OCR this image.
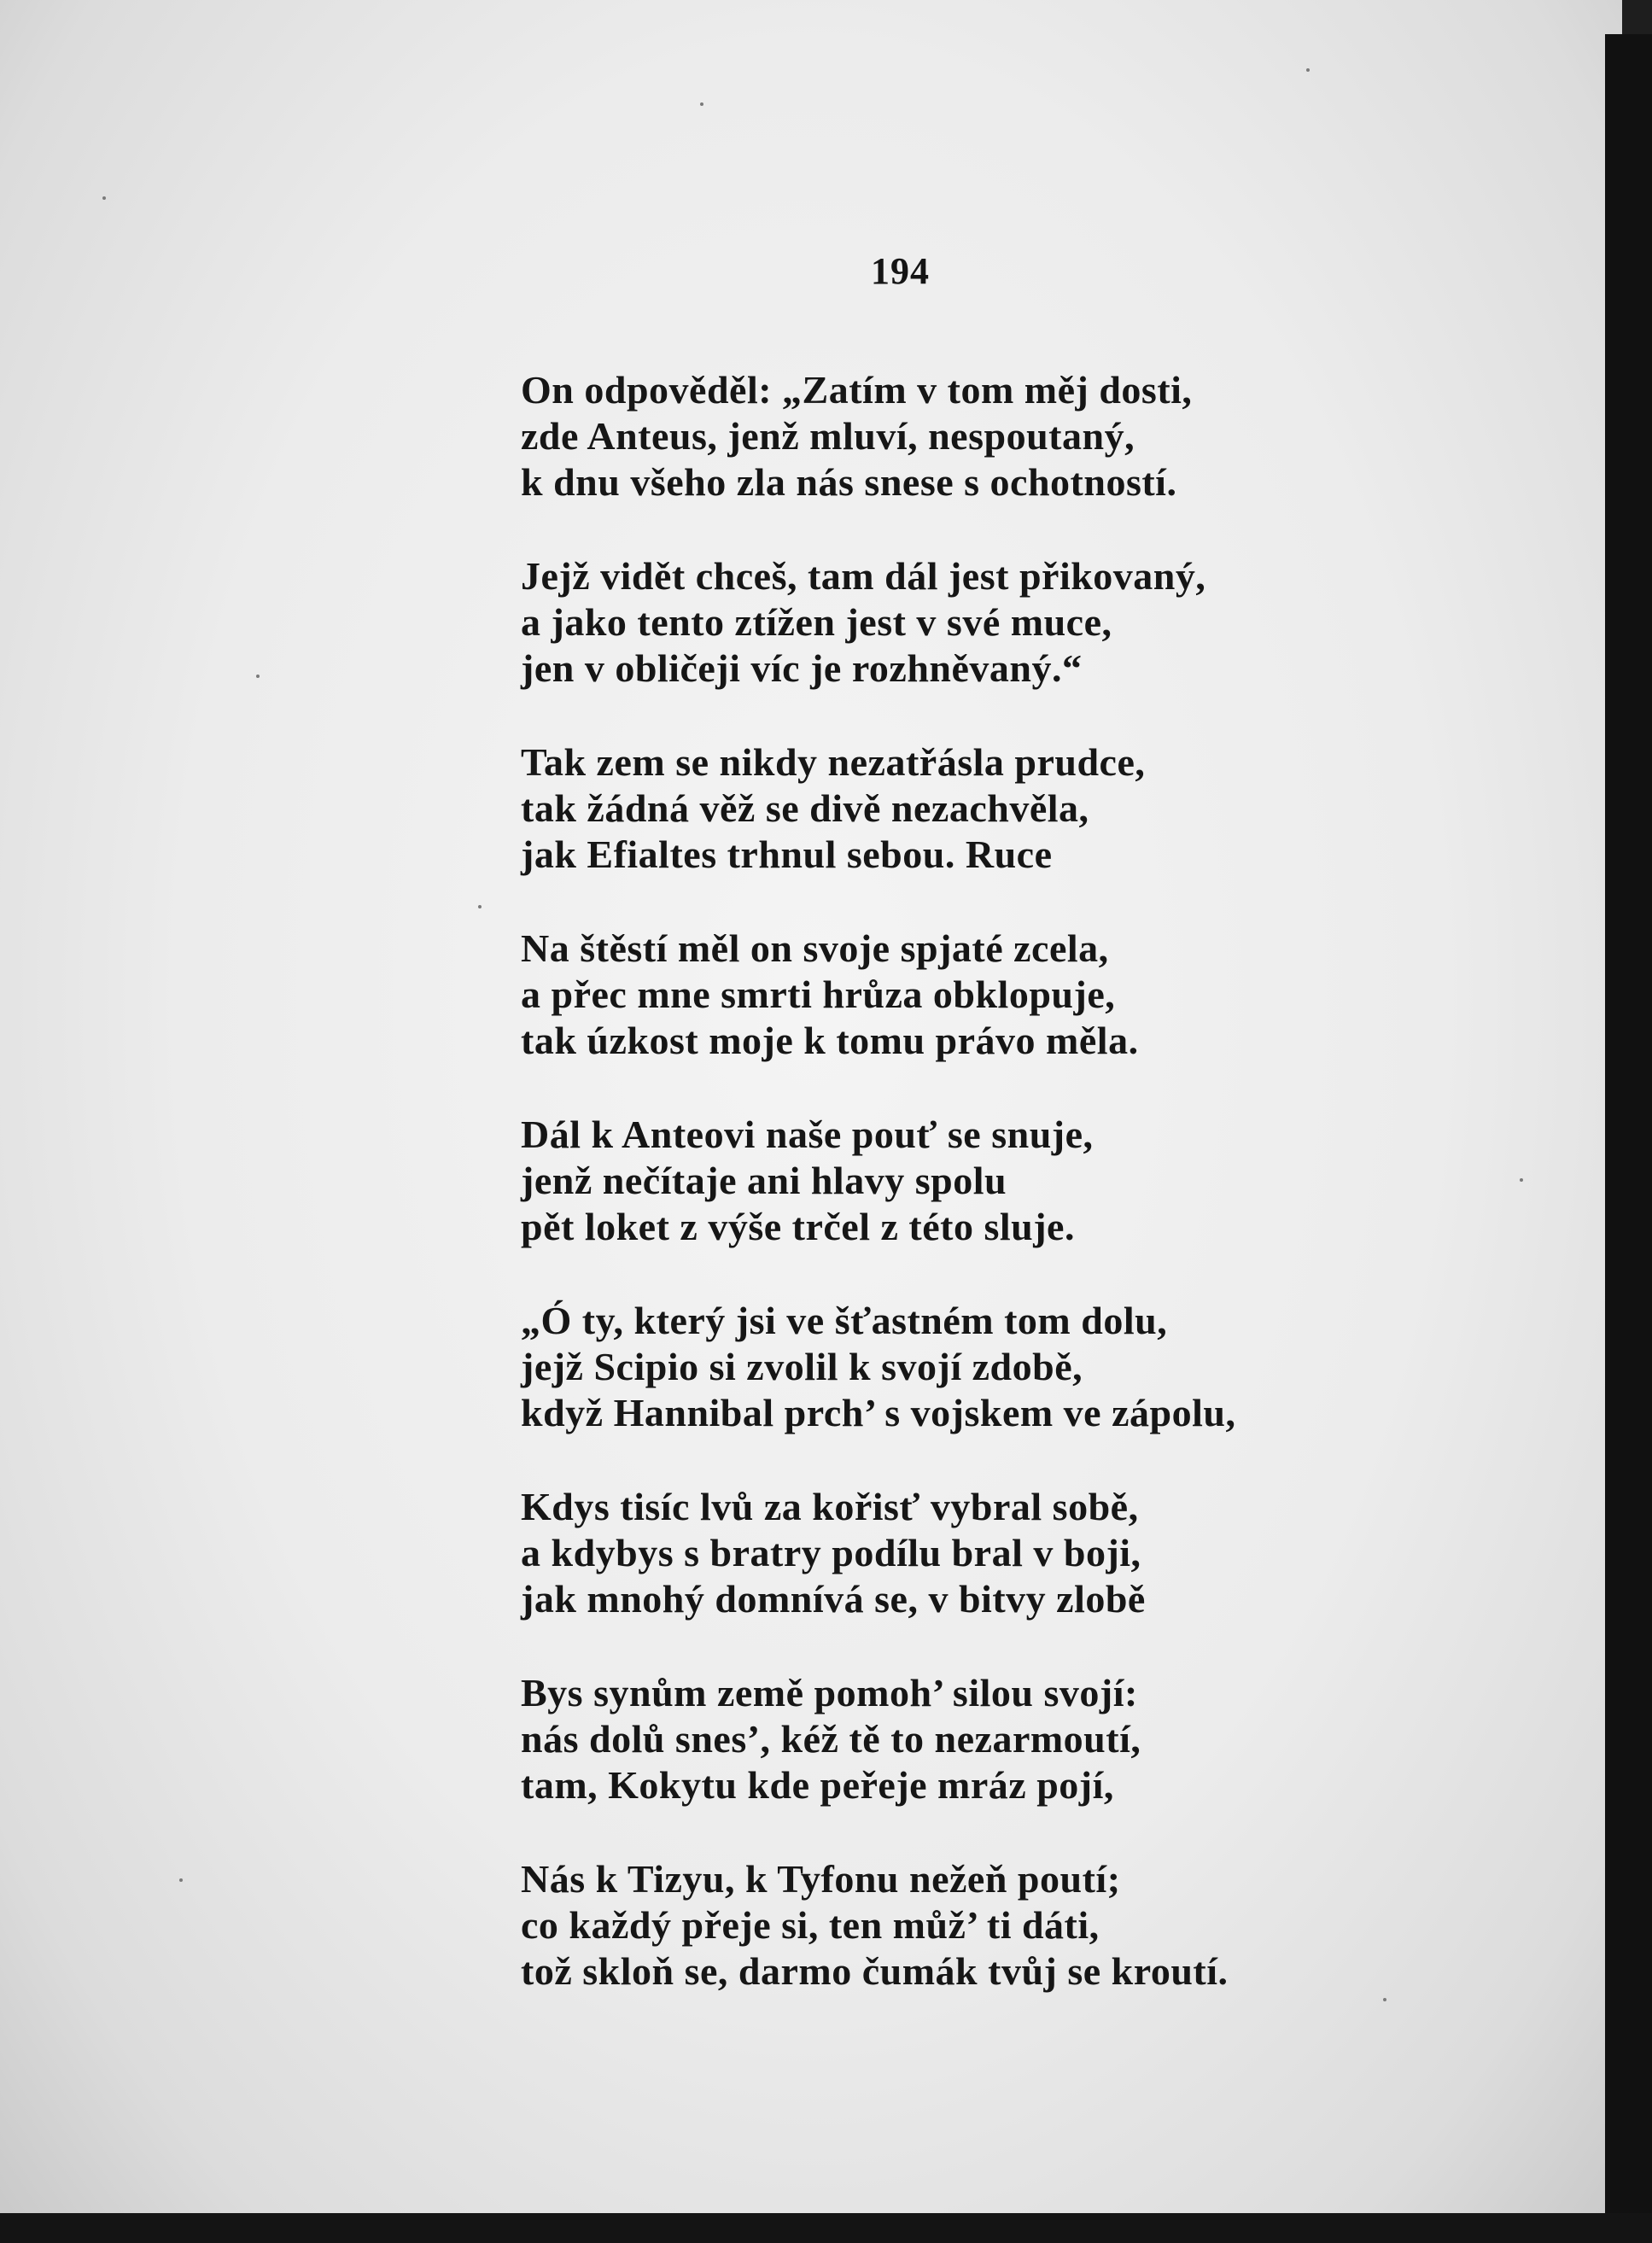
194
On odpověděl: „Zatím v tom měj dosti,
zde Anteus, jenž mluví, nespoutaný,
k dnu všeho zla nás snese s ochotností.
Jejž vidět chceš, tam dál jest přikovaný,
a jako tento ztížen jest v své muce,
jen v obličeji víc je rozhněvaný.“
Tak zem se nikdy nezatřásla prudce,
tak žádná věž se divě nezachvěla,
jak Efialtes trhnul sebou. Ruce
Na štěstí měl on svoje spjaté zcela,
a přec mne smrti hrůza obklopuje,
tak úzkost moje k tomu právo měla.
Dál k Anteovi naše pouť se snuje,
jenž nečítaje ani hlavy spolu
pět loket z výše trčel z této sluje.
„Ó ty, který jsi ve šťastném tom dolu,
jejž Scipio si zvolil k svojí zdobě,
když Hannibal prch’ s vojskem ve zápolu,
Kdys tisíc lvů za kořisť vybral sobě,
a kdybys s bratry podílu bral v boji,
jak mnohý domnívá se, v bitvy zlobě
Bys synům země pomoh’ silou svojí:
nás dolů snes’, kéž tě to nezarmoutí,
tam, Kokytu kde peřeje mráz pojí,
Nás k Tizyu, k Tyfonu nežeň poutí;
co každý přeje si, ten můž’ ti dáti,
tož skloň se, darmo čumák tvůj se kroutí.
